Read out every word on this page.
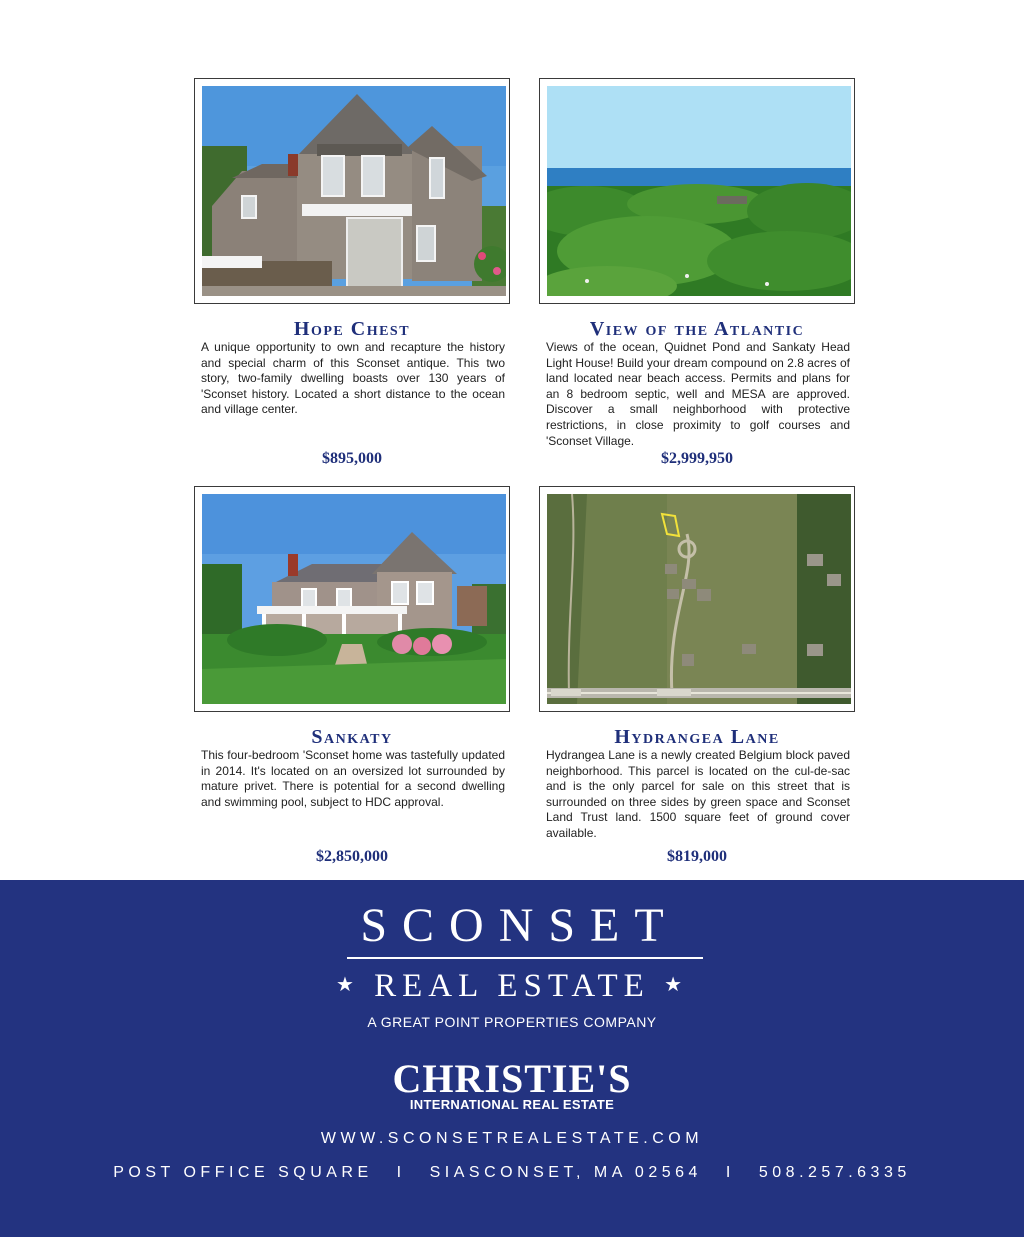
Hope Chest

A unique opportunity to own and recapture the history and special charm of this Sconset antique. This two story, two-family dwelling boasts over 130 years of 'Sconset history. Located a short distance to the ocean and village center.

$895,000
View of the Atlantic

Views of the ocean, Quidnet Pond and Sankaty Head Light House! Build your dream compound on 2.8 acres of land located near beach access. Permits and plans for an 8 bedroom septic, well and MESA are approved. Discover a small neighborhood with protective restrictions, in close proximity to golf courses and 'Sconset Village.

$2,999,950
Sankaty

This four-bedroom 'Sconset home was tastefully updated in 2014. It's located on an oversized lot surrounded by mature privet. There is potential for a second dwelling and swimming pool, subject to HDC approval.

$2,850,000
Hydrangea Lane

Hydrangea Lane is a newly created Belgium block paved neighborhood. This parcel is located on the cul-de-sac and is the only parcel for sale on this street that is surrounded on three sides by green space and Sconset Land Trust land. 1500 square feet of ground cover available.

$819,000
SCONSET
★ REAL ESTATE ★
A GREAT POINT PROPERTIES COMPANY
CHRISTIE'S
INTERNATIONAL REAL ESTATE
WWW.SCONSETREALESTATE.COM
POST OFFICE SQUARE I SIASCONSET, MA 02564 I 508.257.6335
